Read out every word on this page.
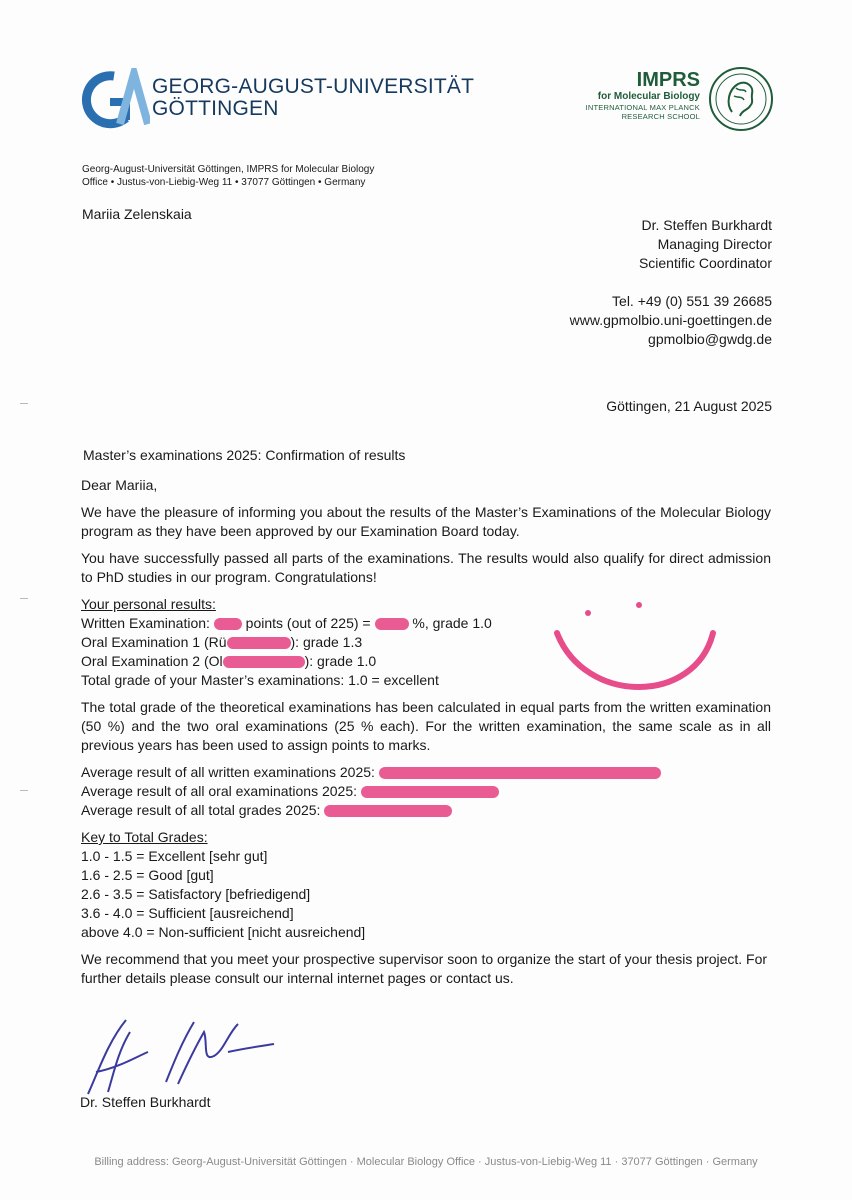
GEORG-AUGUST-UNIVERSITÄT
GÖTTINGEN
IMPRS
for Molecular Biology
INTERNATIONAL MAX PLANCK
RESEARCH SCHOOL
Georg-August-Universität Göttingen, IMPRS for Molecular Biology
Office • Justus-von-Liebig-Weg 11 • 37077 Göttingen • Germany
Mariia Zelenskaia
Dr. Steffen Burkhardt
Managing Director
Scientific Coordinator
Tel. +49 (0) 551 39 26685
www.gpmolbio.uni-goettingen.de
gpmolbio@gwdg.de
Göttingen, 21 August 2025
Master’s examinations 2025: Confirmation of results

Dear Mariia,

We have the pleasure of informing you about the results of the Master’s Examinations of the Molecular Biology program as they have been approved by our Examination Board today.

You have successfully passed all parts of the examinations. The results would also qualify for direct admission to PhD studies in our program. Congratulations!

Your personal results:
Written Examination:  points (out of 225) =  %, grade 1.0
Oral Examination 1 (Rü	): grade 1.3
Oral Examination 2 (Ol	): grade 1.0
Total grade of your Master’s examinations: 1.0 = excellent

The total grade of the theoretical examinations has been calculated in equal parts from the written examination (50 %) and the two oral examinations (25 % each). For the written examination, the same scale as in all previous years has been used to assign points to marks.

Average result of all written examinations 2025:
Average result of all oral examinations 2025:
Average result of all total grades 2025:
Key to Total Grades:
1.0 - 1.5 = Excellent [sehr gut]
1.6 - 2.5 = Good [gut]
2.6 - 3.5 = Satisfactory [befriedigend]
3.6 - 4.0 = Sufficient [ausreichend]
above 4.0 = Non-sufficient [nicht ausreichend]

We recommend that you meet your prospective supervisor soon to organize the start of your thesis project. For further details please consult our internal internet pages or contact us.

Dr. Steffen Burkhardt
Billing address: Georg-August-Universität Göttingen · Molecular Biology Office · Justus-von-Liebig-Weg 11 · 37077 Göttingen · Germany
